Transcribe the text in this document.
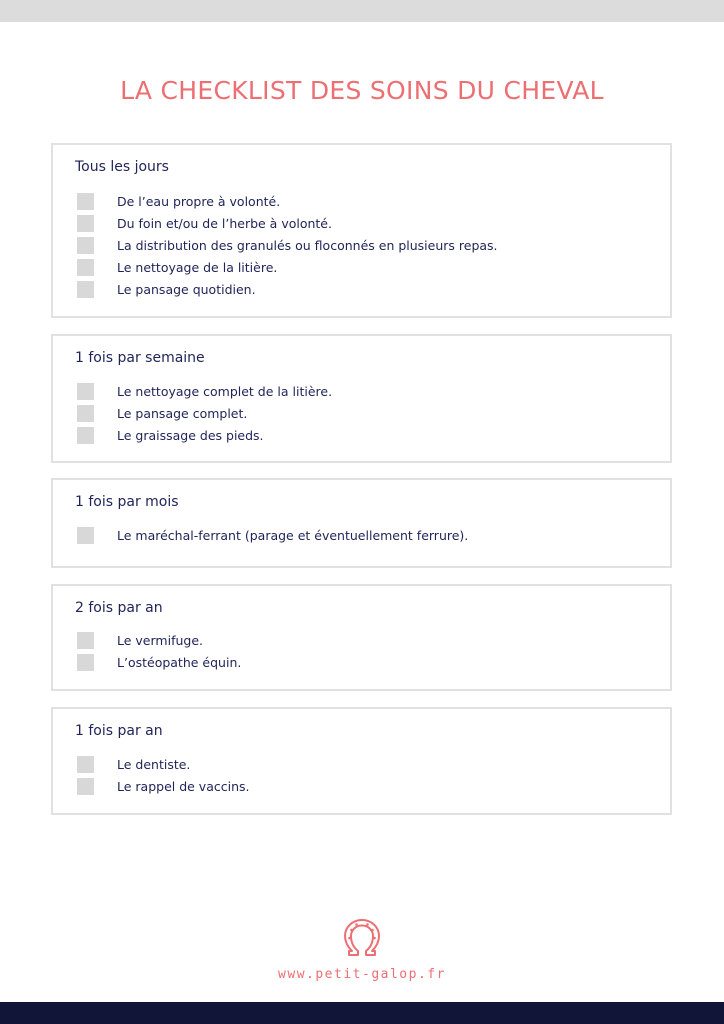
LA CHECKLIST DES SOINS DU CHEVAL
Tous les jours
De l’eau propre à volonté.
Du foin et/ou de l’herbe à volonté.
La distribution des granulés ou floconnés en plusieurs repas.
Le nettoyage de la litière.
Le pansage quotidien.
1 fois par semaine
Le nettoyage complet de la litière.
Le pansage complet.
Le graissage des pieds.
1 fois par mois
Le maréchal-ferrant (parage et éventuellement ferrure).
2 fois par an
Le vermifuge.
L’ostéopathe équin.
1 fois par an
Le dentiste.
Le rappel de vaccins.
www.petit-galop.fr
